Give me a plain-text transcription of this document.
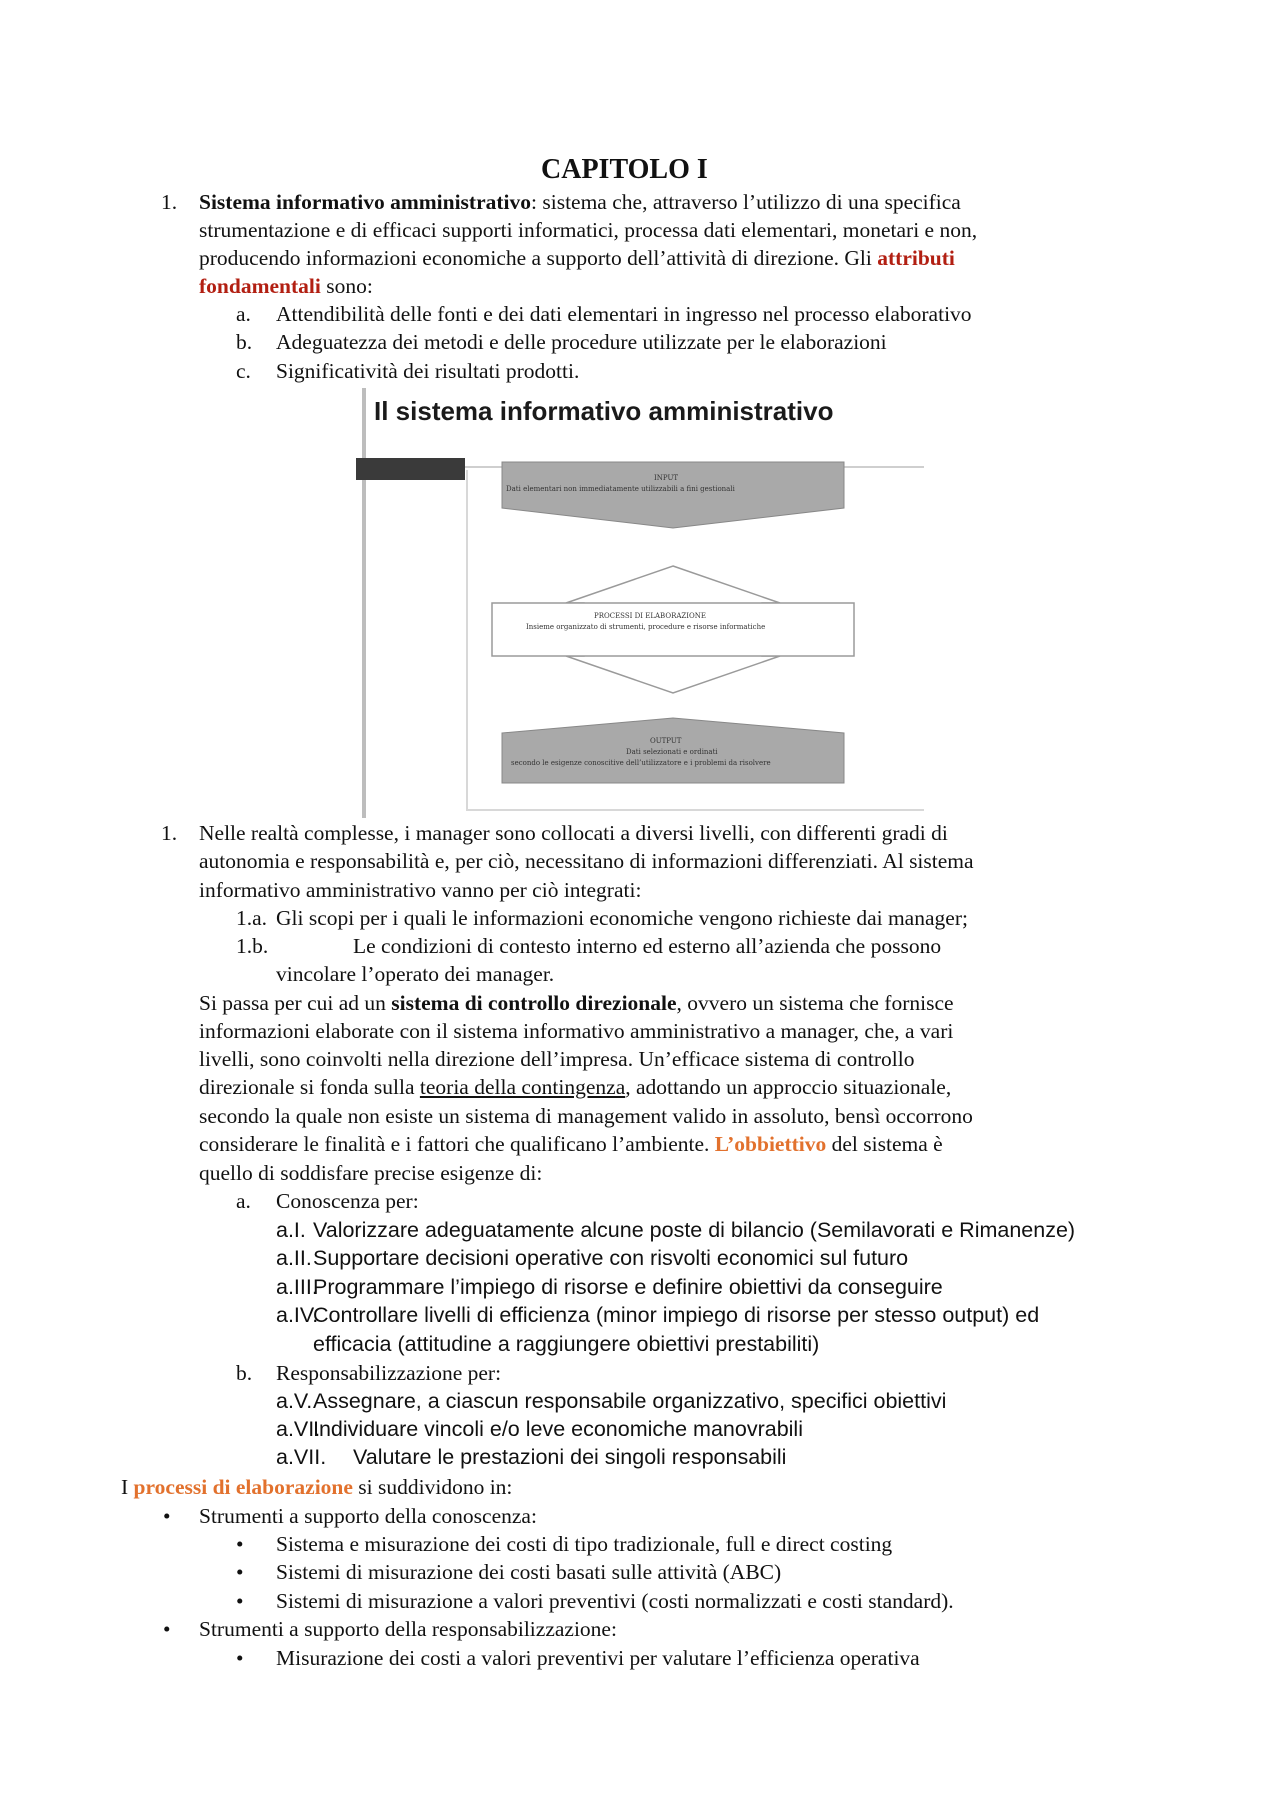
CAPITOLO I
1. Sistema informativo amministrativo: sistema che, attraverso l’utilizzo di una specifica
strumentazione e di efficaci supporti informatici, processa dati elementari, monetari e non,
producendo informazioni economiche a supporto dell’attività di direzione. Gli attributi
fondamentali sono:
a. Attendibilità delle fonti e dei dati elementari in ingresso nel processo elaborativo
b. Adeguatezza dei metodi e delle procedure utilizzate per le elaborazioni
c. Significatività dei risultati prodotti.
Il sistema informativo amministrativo
INPUT
Dati elementari non immediatamente utilizzabili a fini gestionali
PROCESSI DI ELABORAZIONE
Insieme organizzato di strumenti, procedure e risorse informatiche
OUTPUT
Dati selezionati e ordinati
secondo le esigenze conoscitive dell’utilizzatore e i problemi da risolvere
1. Nelle realtà complesse, i manager sono collocati a diversi livelli, con differenti gradi di
autonomia e responsabilità e, per ciò, necessitano di informazioni differenziati. Al sistema
informativo amministrativo vanno per ciò integrati:
1.a. Gli scopi per i quali le informazioni economiche vengono richieste dai manager;
1.b.	Le condizioni di contesto interno ed esterno all’azienda che possono
vincolare l’operato dei manager.
Si passa per cui ad un sistema di controllo direzionale, ovvero un sistema che fornisce
informazioni elaborate con il sistema informativo amministrativo a manager, che, a vari
livelli, sono coinvolti nella direzione dell’impresa. Un’efficace sistema di controllo
direzionale si fonda sulla teoria della contingenza, adottando un approccio situazionale,
secondo la quale non esiste un sistema di management valido in assoluto, bensì occorrono
considerare le finalità e i fattori che qualificano l’ambiente. L’obbiettivo del sistema è
quello di soddisfare precise esigenze di:
a. Conoscenza per:
a.I. Valorizzare adeguatamente alcune poste di bilancio (Semilavorati e Rimanenze)
a.II. Supportare decisioni operative con risvolti economici sul futuro
a.III.
Programmare l’impiego di risorse e definire obiettivi da conseguire
a.IV.
Controllare livelli di efficienza (minor impiego di risorse per stesso output) ed
efficacia (attitudine a raggiungere obiettivi prestabiliti)
b. Responsabilizzazione per:
a.V. Assegnare, a ciascun responsabile organizzativo, specifici obiettivi
a.VI.
Individuare vincoli e/o leve economiche manovrabili
a.VII. Valutare le prestazioni dei singoli responsabili
I processi di elaborazione si suddividono in:
• Strumenti a supporto della conoscenza:
• Sistema e misurazione dei costi di tipo tradizionale, full e direct costing
• Sistemi di misurazione dei costi basati sulle attività (ABC)
• Sistemi di misurazione a valori preventivi (costi normalizzati e costi standard).
• Strumenti a supporto della responsabilizzazione:
• Misurazione dei costi a valori preventivi per valutare l’efficienza operativa
